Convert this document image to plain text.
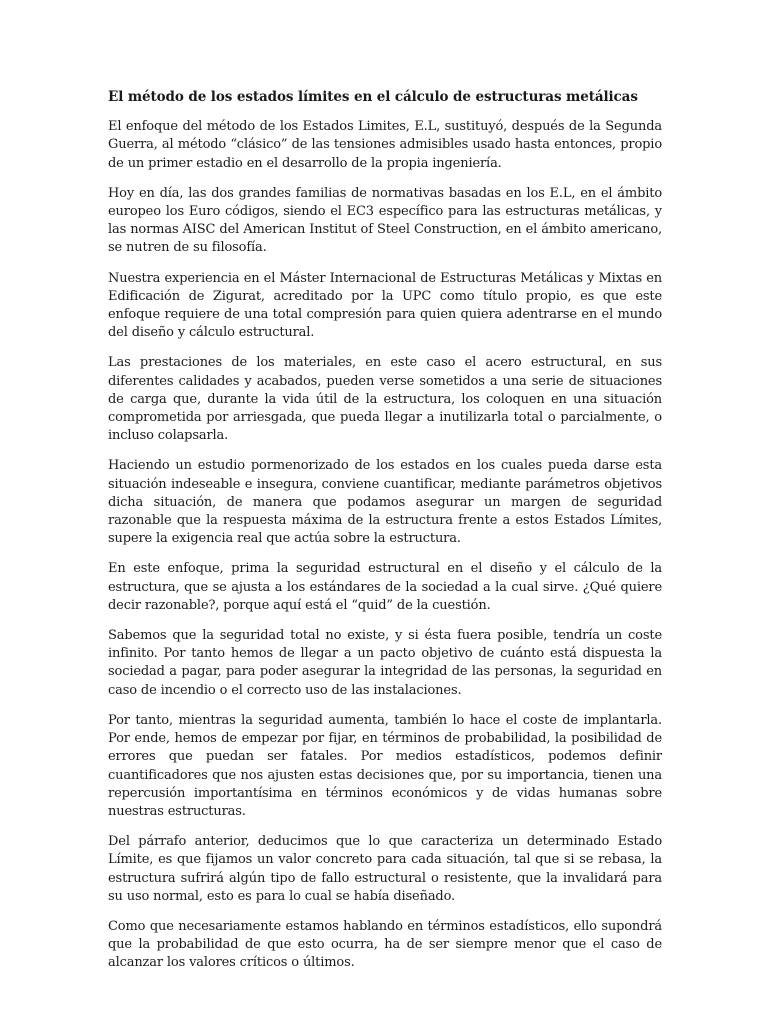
El método de los estados límites en el cálculo de estructuras metálicas

El enfoque del método de los Estados Limites, E.L, sustituyó, después de la Segunda Guerra, al método “clásico” de las tensiones admisibles usado hasta entonces, propio de un primer estadio en el desarrollo de la propia ingeniería.

Hoy en día, las dos grandes familias de normativas basadas en los E.L, en el ámbito europeo los Euro códigos, siendo el EC3 específico para las estructuras metálicas, y las normas AISC del American Institut of Steel Construction, en el ámbito americano, se nutren de su filosofía.

Nuestra experiencia en el Máster Internacional de Estructuras Metálicas y Mixtas en Edificación de Zigurat, acreditado por la UPC como título propio, es que este enfoque requiere de una total compresión para quien quiera adentrarse en el mundo del diseño y cálculo estructural.

Las prestaciones de los materiales, en este caso el acero estructural, en sus diferentes calidades y acabados, pueden verse sometidos a una serie de situaciones de carga que, durante la vida útil de la estructura, los coloquen en una situación comprometida por arriesgada, que pueda llegar a inutilizarla total o parcialmente, o incluso colapsarla.

Haciendo un estudio pormenorizado de los estados en los cuales pueda darse esta situación indeseable e insegura, conviene cuantificar, mediante parámetros objetivos dicha situación, de manera que podamos asegurar un margen de seguridad razonable que la respuesta máxima de la estructura frente a estos Estados Límites, supere la exigencia real que actúa sobre la estructura.

En este enfoque, prima la seguridad estructural en el diseño y el cálculo de la estructura, que se ajusta a los estándares de la sociedad a la cual sirve. ¿Qué quiere decir razonable?, porque aquí está el “quid” de la cuestión.

Sabemos que la seguridad total no existe, y si ésta fuera posible, tendría un coste infinito. Por tanto hemos de llegar a un pacto objetivo de cuánto está dispuesta la sociedad a pagar, para poder asegurar la integridad de las personas, la seguridad en caso de incendio o el correcto uso de las instalaciones.

Por tanto, mientras la seguridad aumenta, también lo hace el coste de implantarla. Por ende, hemos de empezar por fijar, en términos de probabilidad, la posibilidad de errores que puedan ser fatales. Por medios estadísticos, podemos definir cuantificadores que nos ajusten estas decisiones que, por su importancia, tienen una repercusión importantísima en términos económicos y de vidas humanas sobre nuestras estructuras.

Del párrafo anterior, deducimos que lo que caracteriza un determinado Estado Límite, es que fijamos un valor concreto para cada situación, tal que si se rebasa, la estructura sufrirá algún tipo de fallo estructural o resistente, que la invalidará para su uso normal, esto es para lo cual se había diseñado.

Como que necesariamente estamos hablando en términos estadísticos, ello supondrá que la probabilidad de que esto ocurra, ha de ser siempre menor que el caso de alcanzar los valores críticos o últimos.
